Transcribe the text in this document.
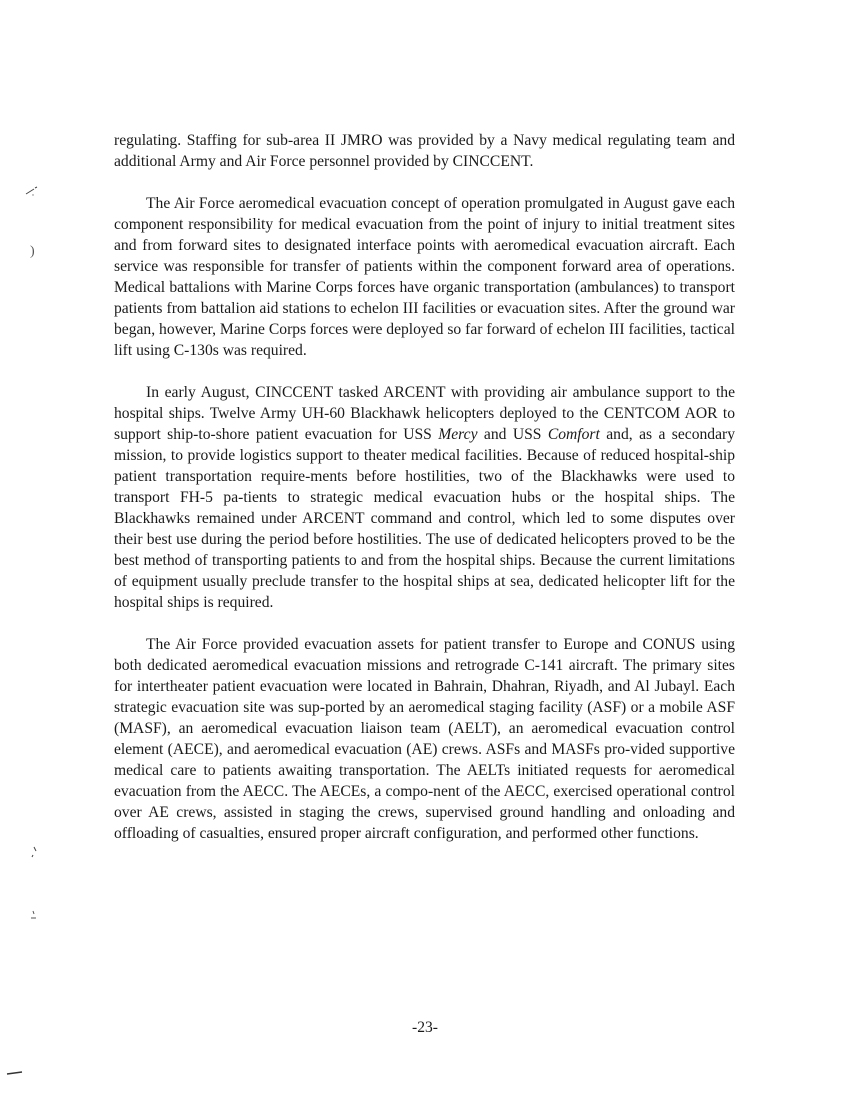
regulating. Staffing for sub-area II JMRO was provided by a Navy medical regulating team and additional Army and Air Force personnel provided by CINCCENT.

The Air Force aeromedical evacuation concept of operation promulgated in August gave each component responsibility for medical evacuation from the point of injury to initial treatment sites and from forward sites to designated interface points with aeromedical evacuation aircraft. Each service was responsible for transfer of patients within the component forward area of operations. Medical battalions with Marine Corps forces have organic transportation (ambulances) to transport patients from battalion aid stations to echelon III facilities or evacuation sites. After the ground war began, however, Marine Corps forces were deployed so far forward of echelon III facilities, tactical lift using C-130s was required.

In early August, CINCCENT tasked ARCENT with providing air ambulance support to the hospital ships. Twelve Army UH-60 Blackhawk helicopters deployed to the CENTCOM AOR to support ship-to-shore patient evacuation for USS Mercy and USS Comfort and, as a secondary mission, to provide logistics support to theater medical facilities. Because of reduced hospital-ship patient transportation require-ments before hostilities, two of the Blackhawks were used to transport FH-5 pa-tients to strategic medical evacuation hubs or the hospital ships. The Blackhawks remained under ARCENT command and control, which led to some disputes over their best use during the period before hostilities. The use of dedicated helicopters proved to be the best method of transporting patients to and from the hospital ships. Because the current limitations of equipment usually preclude transfer to the hospital ships at sea, dedicated helicopter lift for the hospital ships is required.

The Air Force provided evacuation assets for patient transfer to Europe and CONUS using both dedicated aeromedical evacuation missions and retrograde C-141 aircraft. The primary sites for intertheater patient evacuation were located in Bahrain, Dhahran, Riyadh, and Al Jubayl. Each strategic evacuation site was sup-ported by an aeromedical staging facility (ASF) or a mobile ASF (MASF), an aeromedical evacuation liaison team (AELT), an aeromedical evacuation control element (AECE), and aeromedical evacuation (AE) crews. ASFs and MASFs pro-vided supportive medical care to patients awaiting transportation. The AELTs initiated requests for aeromedical evacuation from the AECC. The AECEs, a compo-nent of the AECC, exercised operational control over AE crews, assisted in staging the crews, supervised ground handling and onloading and offloading of casualties, ensured proper aircraft configuration, and performed other functions.

-23-
)
